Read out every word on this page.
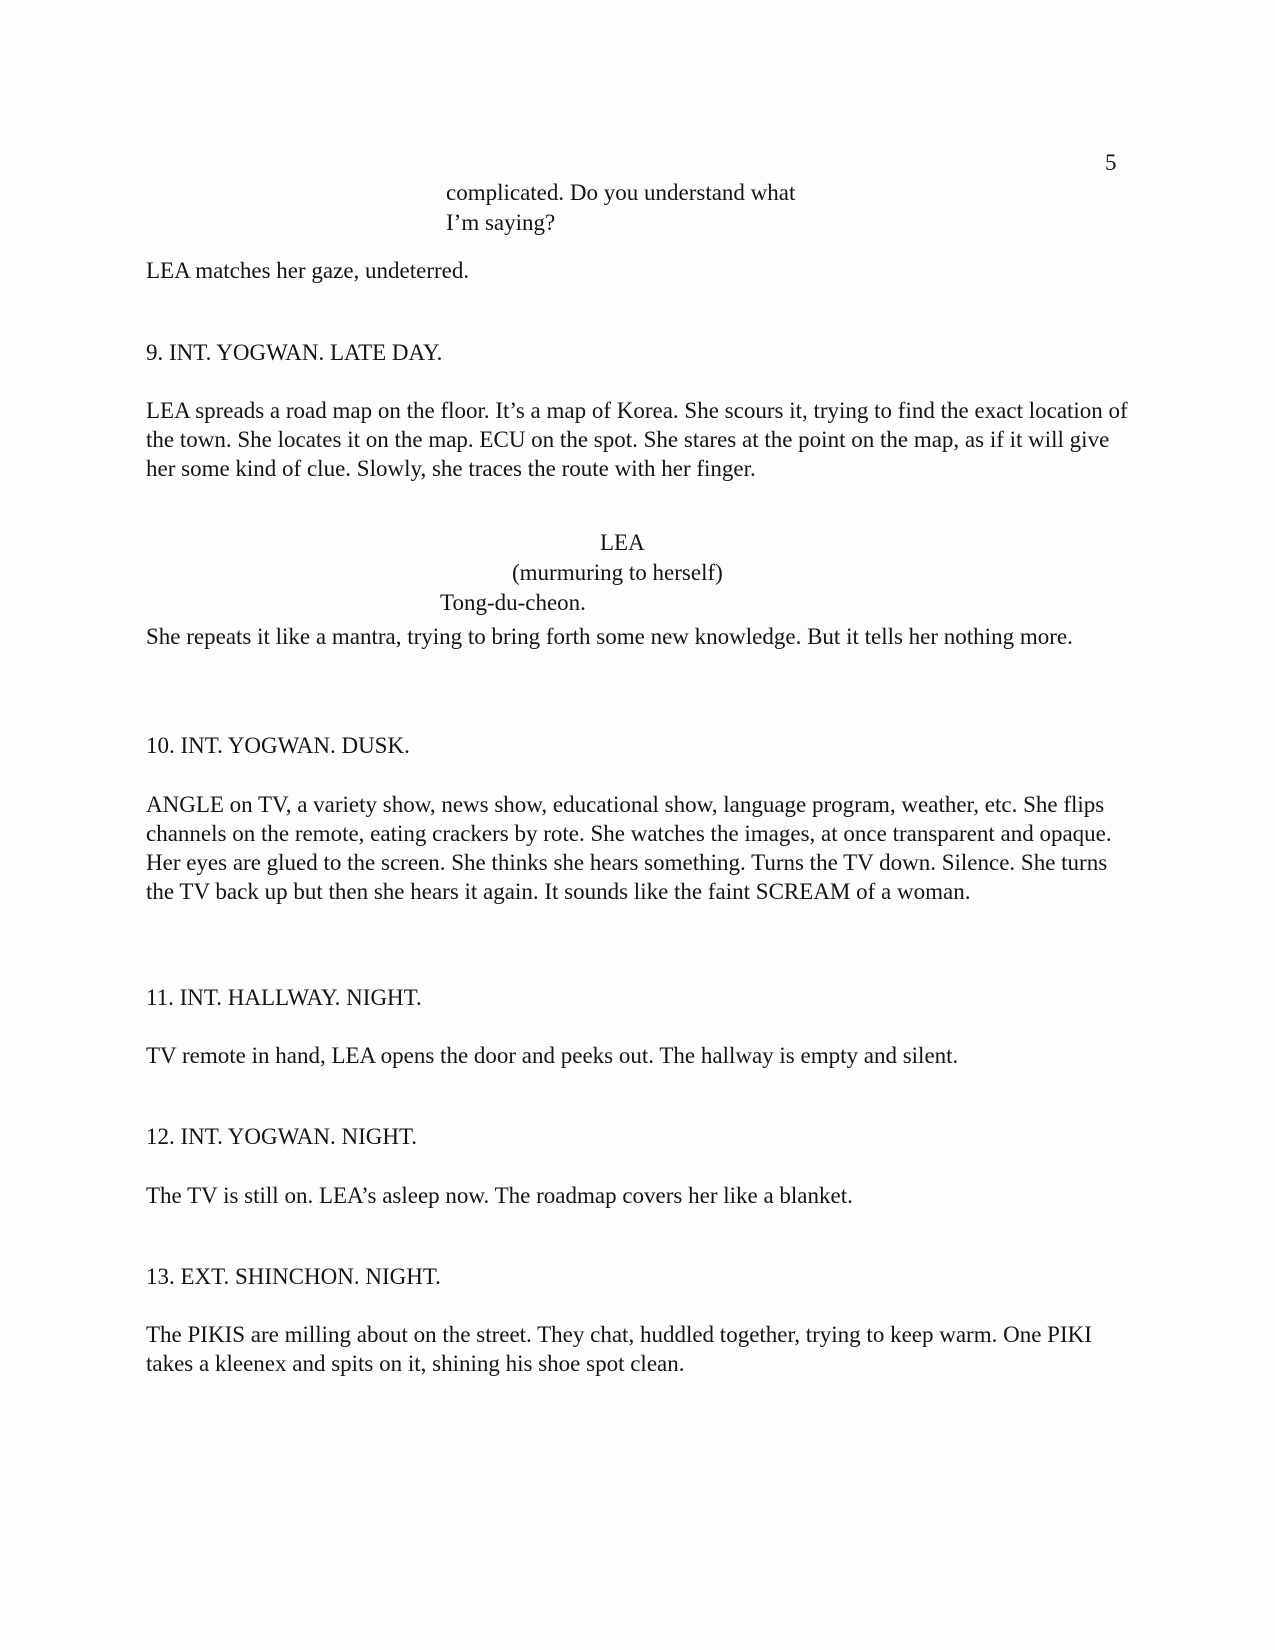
5
complicated. Do you understand what
I’m saying?
LEA matches her gaze, undeterred.
9. INT. YOGWAN. LATE DAY.
LEA spreads a road map on the floor. It’s a map of Korea. She scours it, trying to find the exact location of the town. She locates it on the map. ECU on the spot. She stares at the point on the map, as if it will give her some kind of clue. Slowly, she traces the route with her finger.
LEA
(murmuring to herself)
Tong-du-cheon.
She repeats it like a mantra, trying to bring forth some new knowledge. But it tells her nothing more.
10. INT. YOGWAN. DUSK.
ANGLE on TV, a variety show, news show, educational show, language program, weather, etc. She flips channels on the remote, eating crackers by rote. She watches the images, at once transparent and opaque. Her eyes are glued to the screen. She thinks she hears something. Turns the TV down. Silence. She turns the TV back up but then she hears it again. It sounds like the faint SCREAM of a woman.
11. INT. HALLWAY. NIGHT.
TV remote in hand, LEA opens the door and peeks out. The hallway is empty and silent.
12. INT. YOGWAN. NIGHT.
The TV is still on. LEA’s asleep now. The roadmap covers her like a blanket.
13. EXT. SHINCHON. NIGHT.
The PIKIS are milling about on the street. They chat, huddled together, trying to keep warm. One PIKI takes a kleenex and spits on it, shining his shoe spot clean.
